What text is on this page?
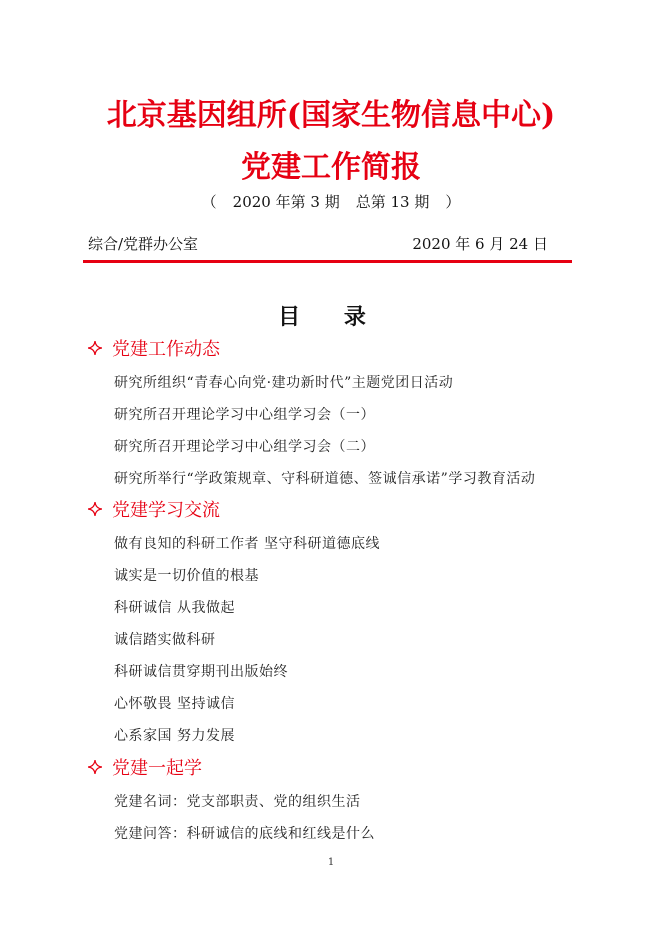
北京基因组所(国家生物信息中心)
党建工作简报
（ 2020 年第 3 期 总第 13 期 ）
综合/党群办公室	2020 年 6 月 24 日
目 录
党建工作动态
研究所组织“青春心向党·建功新时代”主题党团日活动
研究所召开理论学习中心组学习会（一）
研究所召开理论学习中心组学习会（二）
研究所举行“学政策规章、守科研道德、签诚信承诺”学习教育活动
党建学习交流
做有良知的科研工作者 坚守科研道德底线
诚实是一切价值的根基
科研诚信 从我做起
诚信踏实做科研
科研诚信贯穿期刊出版始终
心怀敬畏 坚持诚信
心系家国 努力发展
党建一起学
党建名词：党支部职责、党的组织生活
党建问答：科研诚信的底线和红线是什么
1
